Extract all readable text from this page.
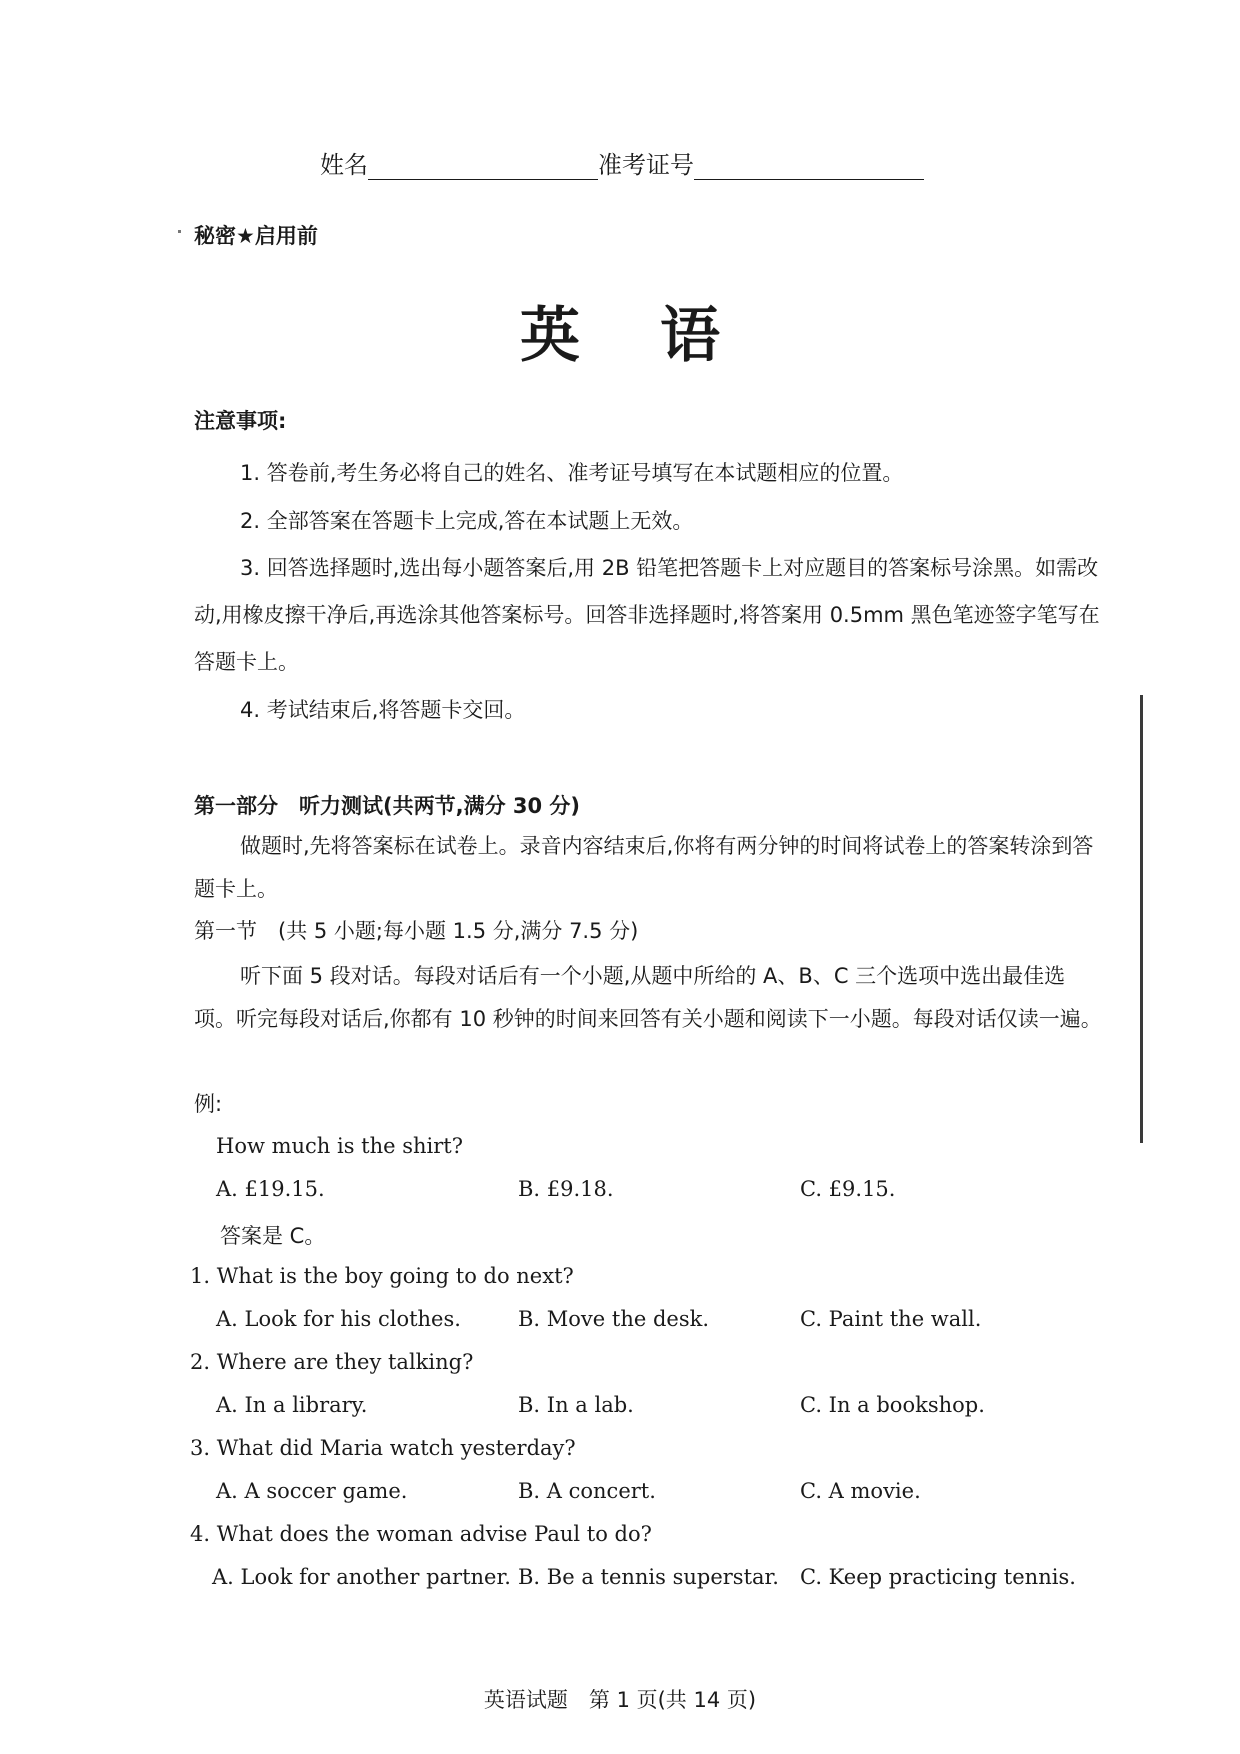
姓名	准考证号
秘密★启用前
英语
注意事项:
1. 答卷前,考生务必将自己的姓名、准考证号填写在本试题相应的位置。
2. 全部答案在答题卡上完成,答在本试题上无效。
3. 回答选择题时,选出每小题答案后,用 2B 铅笔把答题卡上对应题目的答案标号涂黑。如需改动,用橡皮擦干净后,再选涂其他答案标号。回答非选择题时,将答案用 0.5mm 黑色笔迹签字笔写在答题卡上。
4. 考试结束后,将答题卡交回。
第一部分　听力测试(共两节,满分 30 分)
做题时,先将答案标在试卷上。录音内容结束后,你将有两分钟的时间将试卷上的答案转涂到答题卡上。
第一节　(共 5 小题;每小题 1.5 分,满分 7.5 分)
听下面 5 段对话。每段对话后有一个小题,从题中所给的 A、B、C 三个选项中选出最佳选项。听完每段对话后,你都有 10 秒钟的时间来回答有关小题和阅读下一小题。每段对话仅读一遍。
例:
How much is the shirt?
A. £19.15.	B. £9.18.	C. £9.15.
答案是 C。
1. What is the boy going to do next?
A. Look for his clothes.	B. Move the desk.	C. Paint the wall.
2. Where are they talking?
A. In a library.	B. In a lab.	C. In a bookshop.
3. What did Maria watch yesterday?
A. A soccer game.	B. A concert.	C. A movie.
4. What does the woman advise Paul to do?
A. Look for another partner. B. Be a tennis superstar. C. Keep practicing tennis.
英语试题　第 1 页(共 14 页)
